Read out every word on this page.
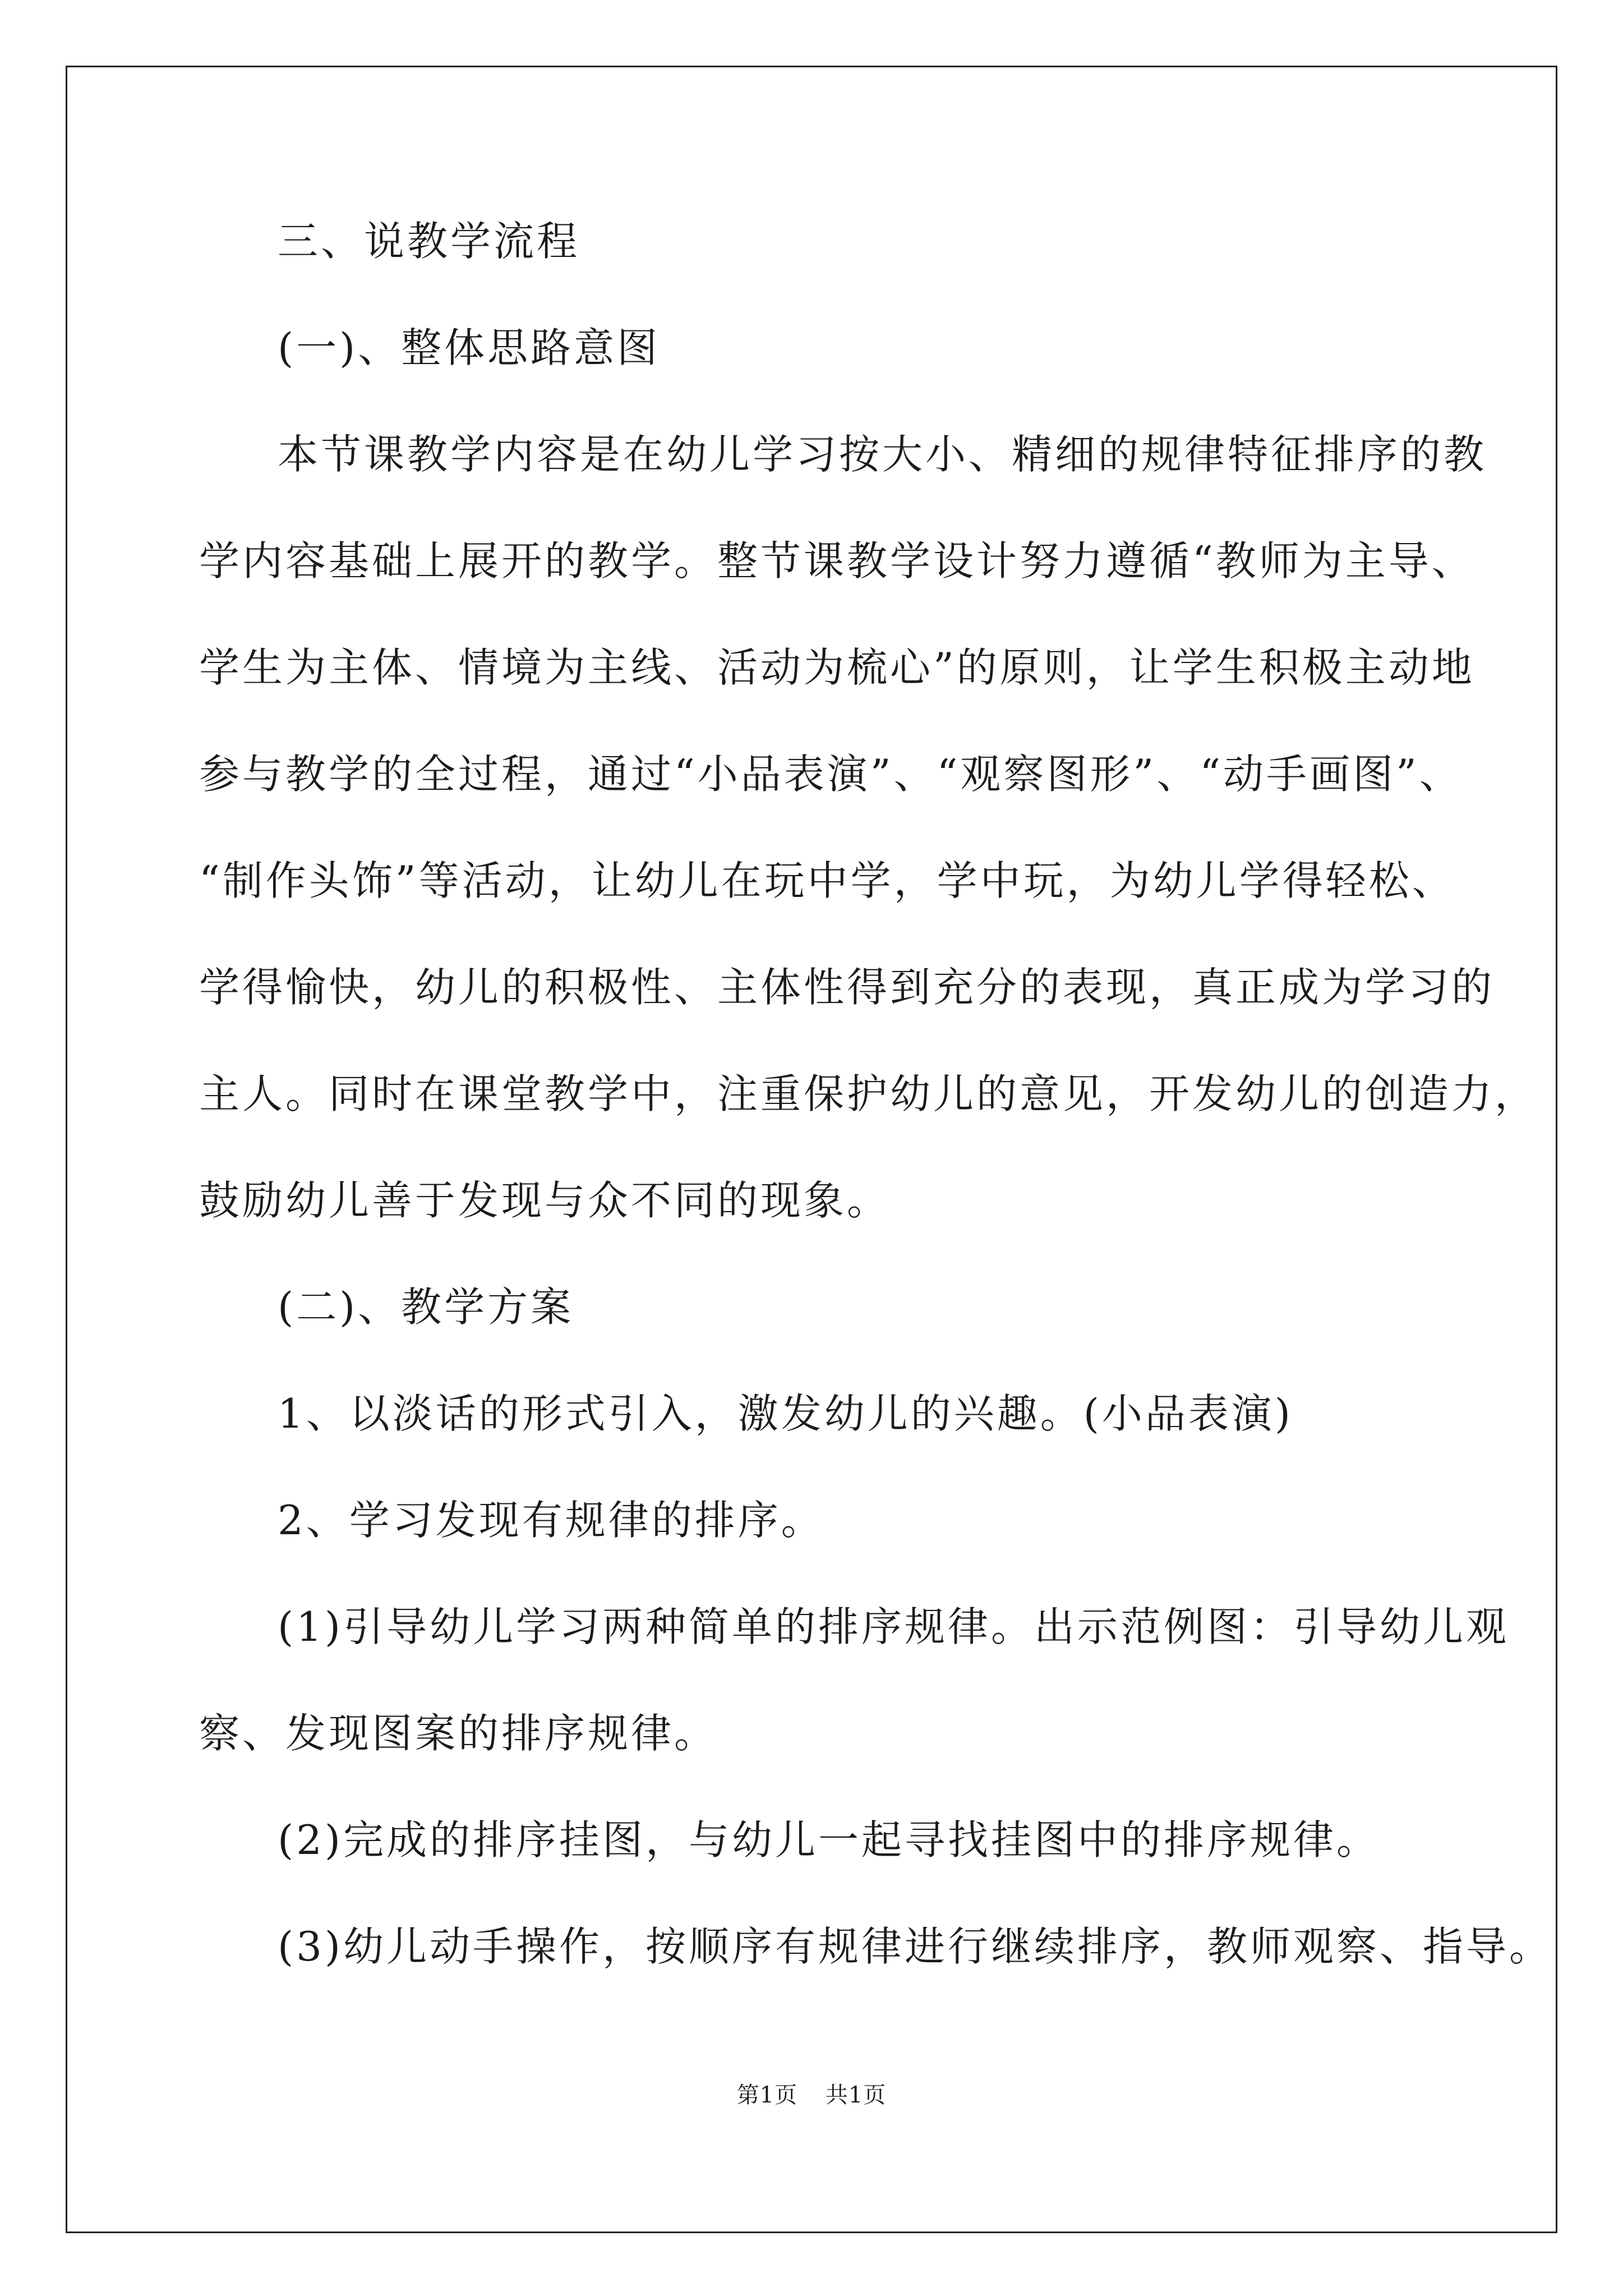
三、说教学流程
(一)、整体思路意图
本节课教学内容是在幼儿学习按大小、精细的规律特征排序的教
学内容基础上展开的教学。整节课教学设计努力遵循“教师为主导、
学生为主体、情境为主线、活动为梳心”的原则，让学生积极主动地
参与教学的全过程，通过“小品表演”、“观察图形”、“动手画图”、
“制作头饰”等活动，让幼儿在玩中学，学中玩，为幼儿学得轻松、
学得愉快，幼儿的积极性、主体性得到充分的表现，真正成为学习的
主人。同时在课堂教学中，注重保护幼儿的意见，开发幼儿的创造力，
鼓励幼儿善于发现与众不同的现象。
(二)、教学方案
1、以淡话的形式引入，激发幼儿的兴趣。(小品表演)
2、学习发现有规律的排序。
(1)引导幼儿学习两种简单的排序规律。出示范例图：引导幼儿观
察、发现图案的排序规律。
(2)完成的排序挂图，与幼儿一起寻找挂图中的排序规律。
(3)幼儿动手操作，按顺序有规律进行继续排序，教师观察、指导。
第1页 共1页
